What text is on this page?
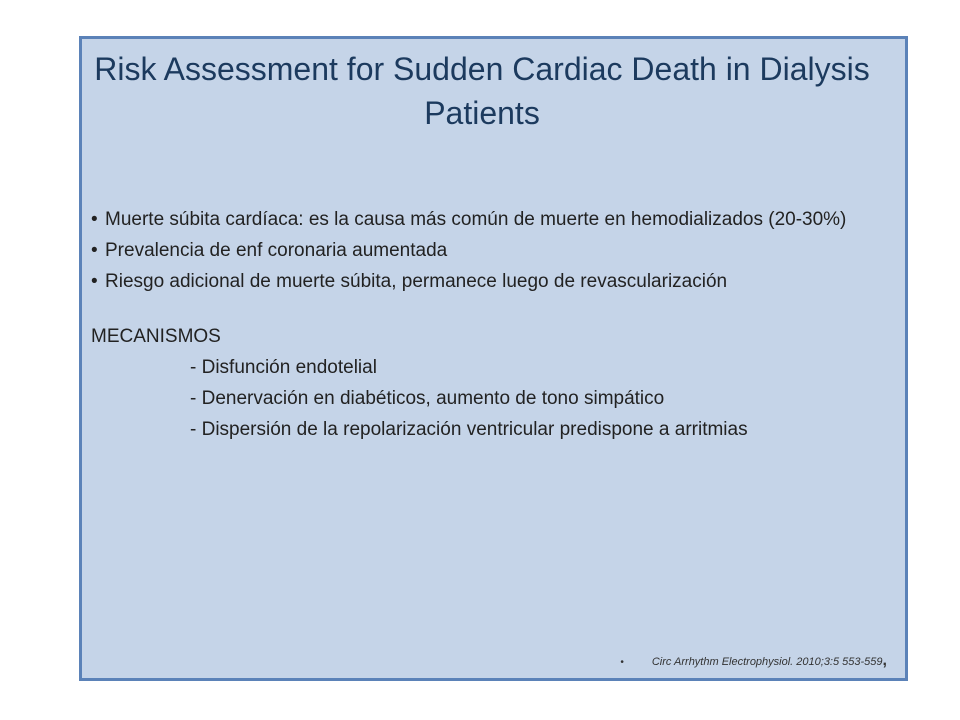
Risk Assessment for Sudden Cardiac Death in Dialysis Patients
• Muerte súbita cardíaca: es la causa más común de muerte en hemodializados (20-30%)
• Prevalencia de enf coronaria aumentada
• Riesgo adicional de muerte súbita, permanece luego de revascularización
MECANISMOS
- Disfunción endotelial
- Denervación en diabéticos, aumento de tono simpático
- Dispersión de la repolarización ventricular predispone a arritmias
•	Circ Arrhythm Electrophysiol. 2010;3:5 553-559,
